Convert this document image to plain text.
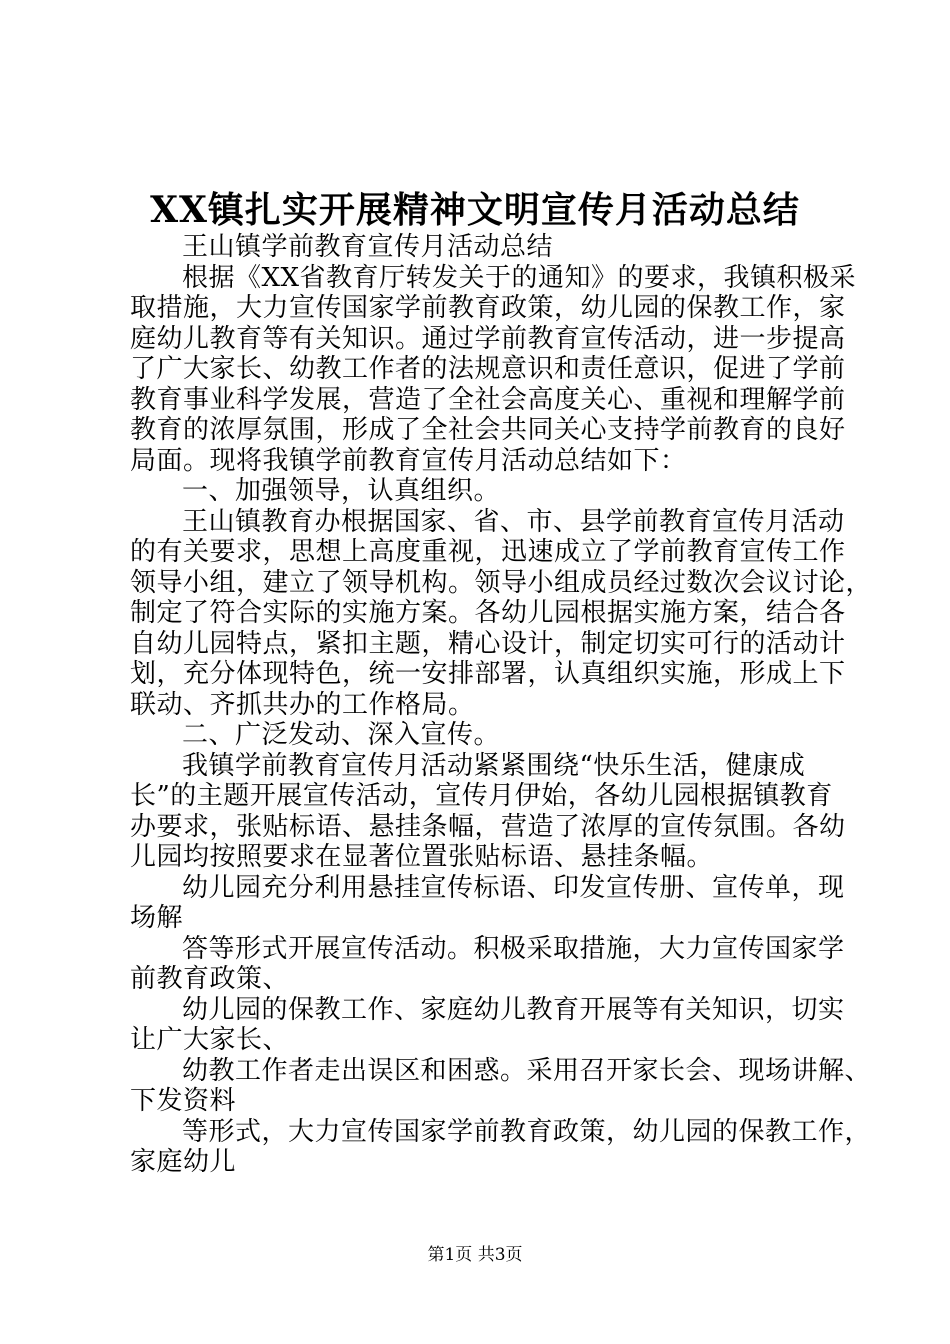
XX镇扎实开展精神文明宣传月活动总结
王山镇学前教育宣传月活动总结
根据《XX省教育厅转发关于的通知》的要求，我镇积极采
取措施，大力宣传国家学前教育政策，幼儿园的保教工作，家
庭幼儿教育等有关知识。通过学前教育宣传活动，进一步提高
了广大家长、幼教工作者的法规意识和责任意识，促进了学前
教育事业科学发展，营造了全社会高度关心、重视和理解学前
教育的浓厚氛围，形成了全社会共同关心支持学前教育的良好
局面。现将我镇学前教育宣传月活动总结如下：
一、加强领导，认真组织。
王山镇教育办根据国家、省、市、县学前教育宣传月活动
的有关要求，思想上高度重视，迅速成立了学前教育宣传工作
领导小组，建立了领导机构。领导小组成员经过数次会议讨论，
制定了符合实际的实施方案。各幼儿园根据实施方案，结合各
自幼儿园特点，紧扣主题，精心设计，制定切实可行的活动计
划，充分体现特色，统一安排部署，认真组织实施，形成上下
联动、齐抓共办的工作格局。
二、广泛发动、深入宣传。
我镇学前教育宣传月活动紧紧围绕“快乐生活，健康成
长”的主题开展宣传活动，宣传月伊始，各幼儿园根据镇教育
办要求，张贴标语、悬挂条幅，营造了浓厚的宣传氛围。各幼
儿园均按照要求在显著位置张贴标语、悬挂条幅。
幼儿园充分利用悬挂宣传标语、印发宣传册、宣传单，现
场解
答等形式开展宣传活动。积极采取措施，大力宣传国家学
前教育政策、
幼儿园的保教工作、家庭幼儿教育开展等有关知识，切实
让广大家长、
幼教工作者走出误区和困惑。采用召开家长会、现场讲解、
下发资料
等形式，大力宣传国家学前教育政策，幼儿园的保教工作，
家庭幼儿
第1页 共3页
